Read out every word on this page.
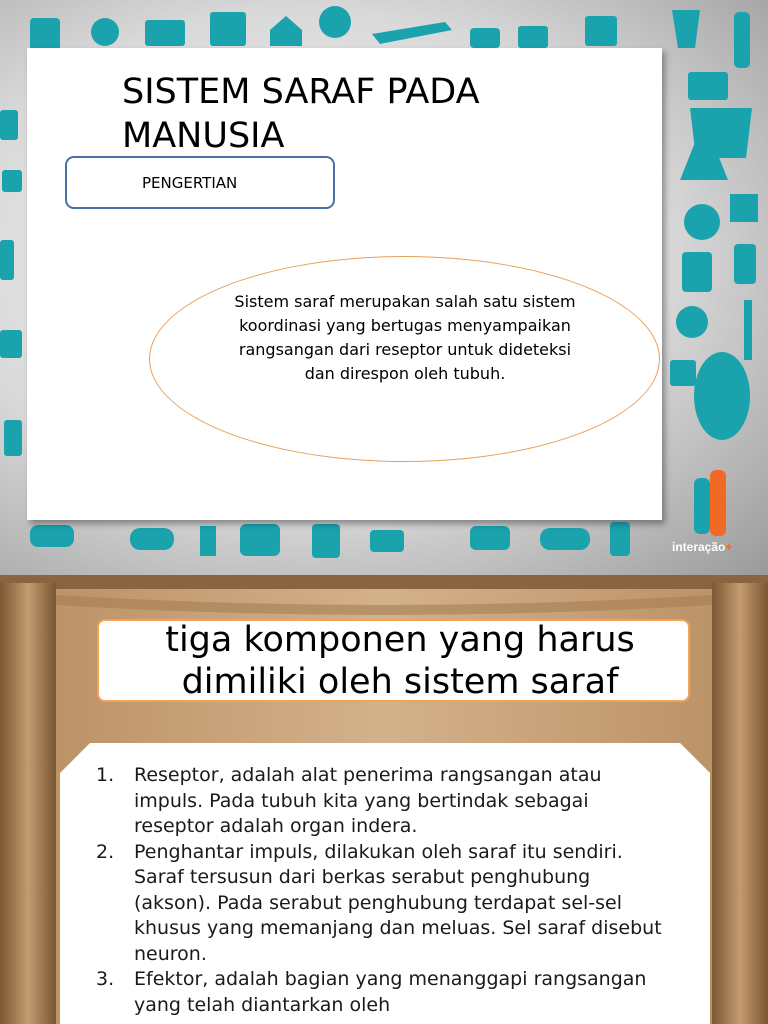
SISTEM SARAF PADA MANUSIA
PENGERTIAN
Sistem saraf merupakan salah satu sistem koordinasi yang bertugas menyampaikan rangsangan dari reseptor untuk dideteksi dan direspon oleh tubuh.
interação+
tiga komponen yang harus dimiliki oleh sistem saraf
1. Reseptor, adalah alat penerima rangsangan atau impuls. Pada tubuh kita yang bertindak sebagai reseptor adalah organ indera.
2. Penghantar impuls, dilakukan oleh saraf itu sendiri. Saraf tersusun dari berkas serabut penghubung (akson). Pada serabut penghubung terdapat sel-sel khusus yang memanjang dan meluas. Sel saraf disebut neuron.
3. Efektor, adalah bagian yang menanggapi rangsangan yang telah diantarkan oleh
